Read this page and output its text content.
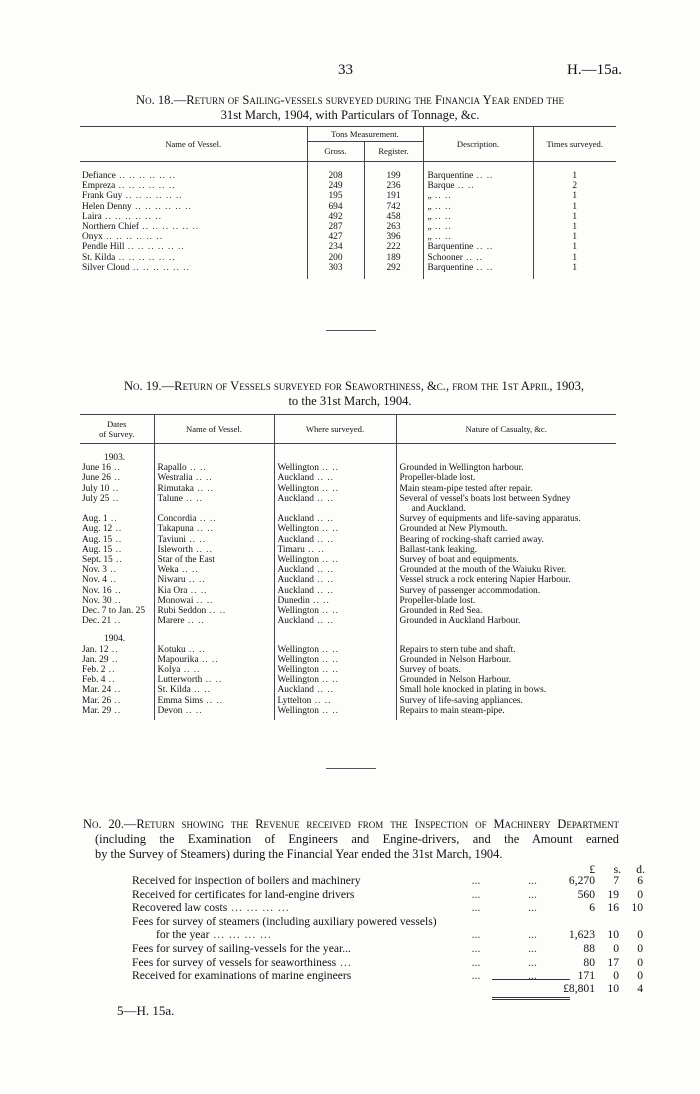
33	H.—15a.
No. 18.—Return of Sailing-vessels surveyed during the Financia Year ended the
31st March, 1904, with Particulars of Tonnage, &c.
Name of Vessel.	Tons Measurement.		Description.	Times surveyed.
	Gross.	Register.		
Defiance .. .. .. .. .. ..	208	199	Barquentine .. ..	1
Empreza .. .. .. .. .. ..	249	236	Barque .. ..	2
Frank Guy .. .. .. .. .. ..	195	191	„ .. ..	1
Helen Denny .. .. .. .. .. ..	694	742	„ .. ..	1
Laira .. .. .. .. .. ..	492	458	„ .. ..	1
Northern Chief .. .. .. .. .. ..	287	263	„ .. ..	1
Onyx .. .. .. .. .. ..	427	396	„ .. ..	1
Pendle Hill .. .. .. .. .. ..	234	222	Barquentine .. ..	1
St. Kilda .. .. .. .. .. ..	200	189	Schooner .. ..	1
Silver Cloud .. .. .. .. .. ..	303	292	Barquentine .. ..	1

No. 19.—Return of Vessels surveyed for Seaworthiness, &c., from the 1st April, 1903,
to the 31st March, 1904.
Dates
of Survey.	Name of Vessel.	Where surveyed.	Nature of Casualty, &c.
1903.			
June 16 ..	Rapallo .. ..	Wellington .. ..	Grounded in Wellington harbour.

June 26 ..	Westralia .. ..	Auckland .. ..	Propeller-blade lost.

July 10 ..	Rimutaka .. ..	Wellington .. ..	Main steam-pipe tested after repair.

July 25 ..	Talune .. ..	Auckland .. ..	Several of vessel's boats lost between Sydney
and Auckland.

Aug. 1 ..	Concordia .. ..	Auckland .. ..	Survey of equipments and life-saving apparatus.

Aug. 12 ..	Takapuna .. ..	Wellington .. ..	Grounded at New Plymouth.

Aug. 15 ..	Taviuni .. ..	Auckland .. ..	Bearing of rocking-shaft carried away.

Aug. 15 ..	Isleworth .. ..	Timaru .. ..	Ballast-tank leaking.

Sept. 15 ..	Star of the East	Wellington .. ..	Survey of boat and equipments.

Nov. 3 ..	Weka .. ..	Auckland .. ..	Grounded at the mouth of the Waiuku River.

Nov. 4 ..	Niwaru .. ..	Auckland .. ..	Vessel struck a rock entering Napier Harbour.

Nov. 16 ..	Kia Ora .. ..	Auckland .. ..	Survey of passenger accommodation.

Nov. 30 ..	Monowai .. ..	Dunedin .. ..	Propeller-blade lost.

Dec. 7 to Jan. 25	Rubi Seddon .. ..	Wellington .. ..	Grounded in Red Sea.

Dec. 21 ..	Marere .. ..	Auckland .. ..	Grounded in Auckland Harbour.

1904.			
Jan. 12 ..	Kotuku .. ..	Wellington .. ..	Repairs to stern tube and shaft.

Jan. 29 ..	Mapourika .. ..	Wellington .. ..	Grounded in Nelson Harbour.

Feb. 2 ..	Kolya .. ..	Wellington .. ..	Survey of boats.

Feb. 4 ..	Lutterworth .. ..	Wellington .. ..	Grounded in Nelson Harbour.

Mar. 24 ..	St. Kilda .. ..	Auckland .. ..	Small hole knocked in plating in bows.

Mar. 26 ..	Emma Sims .. ..	Lyttelton .. ..	Survey of life-saving appliances.

Mar. 29 ..	Devon .. ..	Wellington .. ..	Repairs to main steam-pipe.

No. 20.—Return showing the Revenue received from the Inspection of Machinery Department
(including the Examination of Engineers and Engine-drivers, and the Amount earned
by the Survey of Steamers) during the Financial Year ended the 31st March, 1904.
£	s.	d.
Received for inspection of boilers and machinery	...	...	6,270	7	6
Received for certificates for land-engine drivers	...	...	560	19	0
Recovered law costs ... ... ... ...	...	...	6	16	10
Fees for survey of steamers (including auxiliary powered vessels)
for the year ... ... ... ...	...	...	1,623	10	0
Fees for survey of sailing-vessels for the year...	...	...	88	0	0
Fees for survey of vessels for seaworthiness ...	...	...	80	17	0
Received for examinations of marine engineers	...	...	171	0	0
£8,801	10	4
5—H. 15a.
